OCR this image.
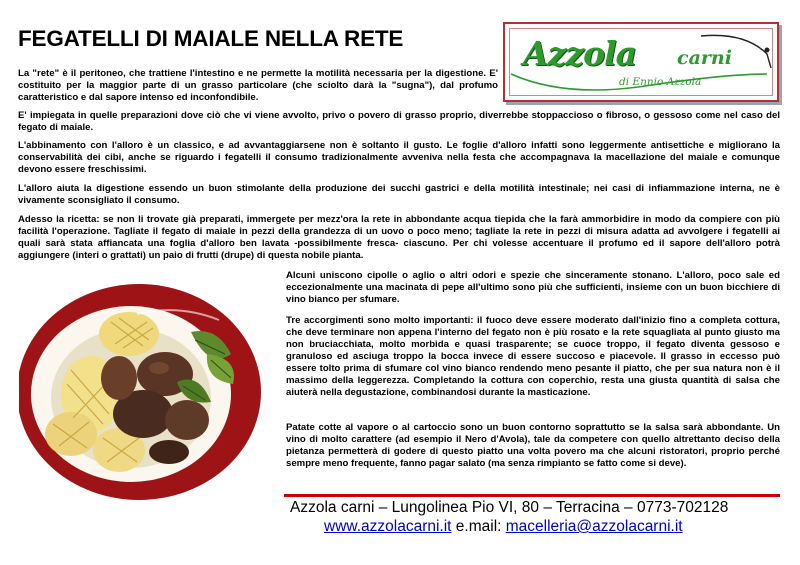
FEGATELLI DI MAIALE NELLA RETE	Azzola carni
di Ennio Azzola

La "rete" è il peritoneo, che trattiene l'intestino e ne permette la motilità necessaria per la digestione. E' costituito per la maggior parte di un grasso particolare (che sciolto darà la "sugna"), dal profumo caratteristico e dal sapore intenso ed inconfondibile.

E' impiegata in quelle preparazioni dove ciò che vi viene avvolto, privo o povero di grasso proprio, diverrebbe stoppaccioso o fibroso, o gessoso come nel caso del fegato di maiale.

L'abbinamento con l'alloro è un classico, e ad avvantaggiarsene non è soltanto il gusto. Le foglie d'alloro infatti sono leggermente antisettiche e migliorano la conservabilità dei cibi, anche se riguardo i fegatelli il consumo tradizionalmente avveniva nella festa che accompagnava la macellazione del maiale e comunque devono essere freschissimi.

L'alloro aiuta la digestione essendo un buon stimolante della produzione dei succhi gastrici e della motilità intestinale; nei casi di infiammazione interna, ne è vivamente sconsigliato il consumo.

Adesso la ricetta: se non li trovate già preparati, immergete per mezz'ora la rete in abbondante acqua tiepida che la farà ammorbidire in modo da compiere con più facilità l'operazione. Tagliate il fegato di maiale in pezzi della grandezza di un uovo o poco meno; tagliate la rete in pezzi di misura adatta ad avvolgere i fegatelli ai quali sarà stata affiancata una foglia d'alloro ben lavata -possibilmente fresca- ciascuno. Per chi volesse accentuare il profumo ed il sapore dell'alloro potrà aggiungere (interi o grattati) un paio di frutti (drupe) di questa nobile pianta.

Alcuni uniscono cipolle o aglio o altri odori e spezie che sinceramente stonano. L'alloro, poco sale ed eccezionalmente una macinata di pepe all'ultimo sono più che sufficienti, insieme con un buon bicchiere di vino bianco per sfumare.

Tre accorgimenti sono molto importanti: il fuoco deve essere moderato dall'inizio fino a completa cottura, che deve terminare non appena l'interno del fegato non è più rosato e la rete squagliata al punto giusto ma non bruciacchiata, molto morbida e quasi trasparente; se cuoce troppo, il fegato diventa gessoso e granuloso ed asciuga troppo la bocca invece di essere succoso e piacevole. Il grasso in eccesso può essere tolto prima di sfumare col vino bianco rendendo meno pesante il piatto, che per sua natura non è il massimo della leggerezza. Completando la cottura con coperchio, resta una giusta quantità di salsa che aiuterà nella degustazione, combinandosi durante la masticazione.

Patate cotte al vapore o al cartoccio sono un buon contorno soprattutto se la salsa sarà abbondante. Un vino di molto carattere (ad esempio il Nero d'Avola), tale da competere con quello altrettanto deciso della pietanza permetterà di godere di questo piatto una volta povero ma che alcuni ristoratori, proprio perché sempre meno frequente, fanno pagar salato (ma senza rimpianto se fatto come si deve).

Azzola carni – Lungolinea Pio VI, 80 – Terracina – 0773-702128
www.azzolacarni.it e.mail: macelleria@azzolacarni.it
